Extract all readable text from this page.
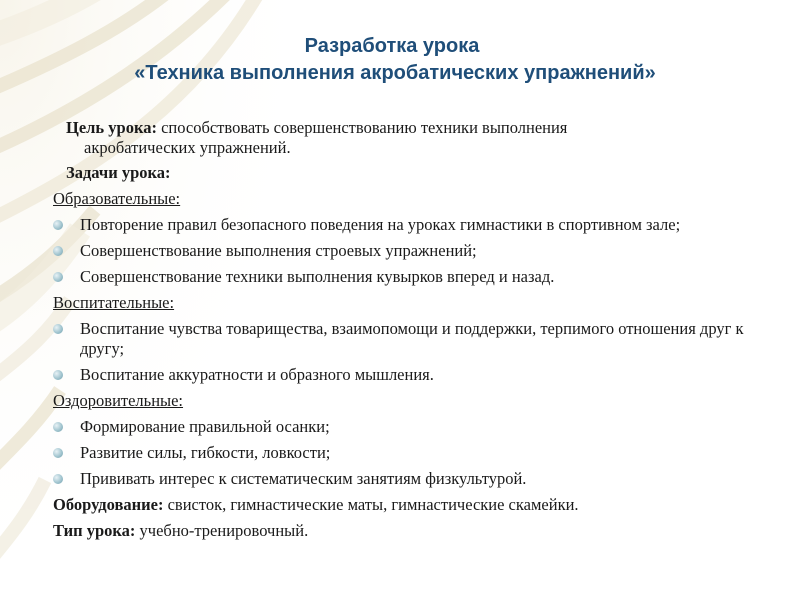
Разработка урока
«Техника выполнения акробатических упражнений»
Цель урока: способствовать совершенствованию техники выполнения
акробатических упражнений.
Задачи урока:
Образовательные:
Повторение правил безопасного поведения на уроках гимнастики в спортивном зале;
Совершенствование выполнения строевых упражнений;
Совершенствование техники выполнения кувырков вперед и назад.
Воспитательные:
Воспитание чувства товарищества, взаимопомощи и поддержки, терпимого отношения друг к другу;
Воспитание аккуратности и образного мышления.
Оздоровительные:
Формирование правильной осанки;
Развитие силы, гибкости, ловкости;
Прививать интерес к систематическим занятиям физкультурой.
Оборудование: свисток, гимнастические маты, гимнастические скамейки.
Тип урока: учебно-тренировочный.
